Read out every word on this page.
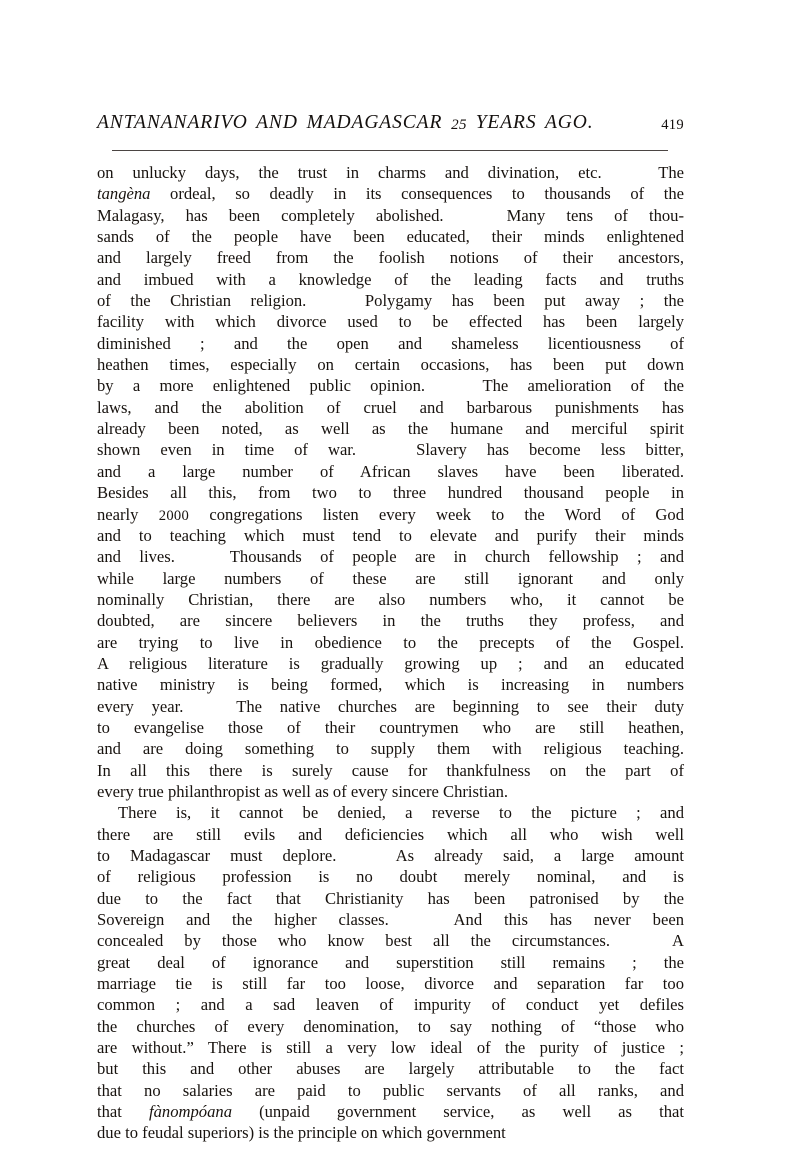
ANTANANARIVO AND MADAGASCAR 25 YEARS AGO.	419

on unlucky days, the trust in charms and divination, etc.   The
tangèna ordeal, so deadly in its consequences to thousands of the
Malagasy, has been completely abolished.   Many tens of thou-
sands of the people have been educated, their minds enlightened
and largely freed from the foolish notions of their ancestors,
and imbued with a knowledge of the leading facts and truths
of the Christian religion.   Polygamy has been put away ; the
facility with which divorce used to be effected has been largely
diminished ; and the open and shameless licentiousness of
heathen times, especially on certain occasions, has been put down
by a more enlightened public opinion.   The amelioration of the
laws, and the abolition of cruel and barbarous punishments has
already been noted, as well as the humane and merciful spirit
shown even in time of war.   Slavery has become less bitter,
and a large number of African slaves have been liberated.
Besides all this, from two to three hundred thousand people in
nearly 2000 congregations listen every week to the Word of God
and to teaching which must tend to elevate and purify their minds
and lives.   Thousands of people are in church fellowship ; and
while large numbers of these are still ignorant and only
nominally Christian, there are also numbers who, it cannot be
doubted, are sincere believers in the truths they profess, and
are trying to live in obedience to the precepts of the Gospel.
A religious literature is gradually growing up ; and an educated
native ministry is being formed, which is increasing in numbers
every year.   The native churches are beginning to see their duty
to evangelise those of their countrymen who are still heathen,
and are doing something to supply them with religious teaching.
In all this there is surely cause for thankfulness on the part of
every true philanthropist as well as of every sincere Christian.

There is, it cannot be denied, a reverse to the picture ; and
there are still evils and deficiencies which all who wish well
to Madagascar must deplore.   As already said, a large amount
of religious profession is no doubt merely nominal, and is
due to the fact that Christianity has been patronised by the
Sovereign and the higher classes.   And this has never been
concealed by those who know best all the circumstances.   A
great deal of ignorance and superstition still remains ; the
marriage tie is still far too loose, divorce and separation far too
common ; and a sad leaven of impurity of conduct yet defiles
the churches of every denomination, to say nothing of “those who
are without.” There is still a very low ideal of the purity of justice ;
but this and other abuses are largely attributable to the fact
that no salaries are paid to public servants of all ranks, and
that fànompóana (unpaid government service, as well as that
due to feudal superiors) is the principle on which government
